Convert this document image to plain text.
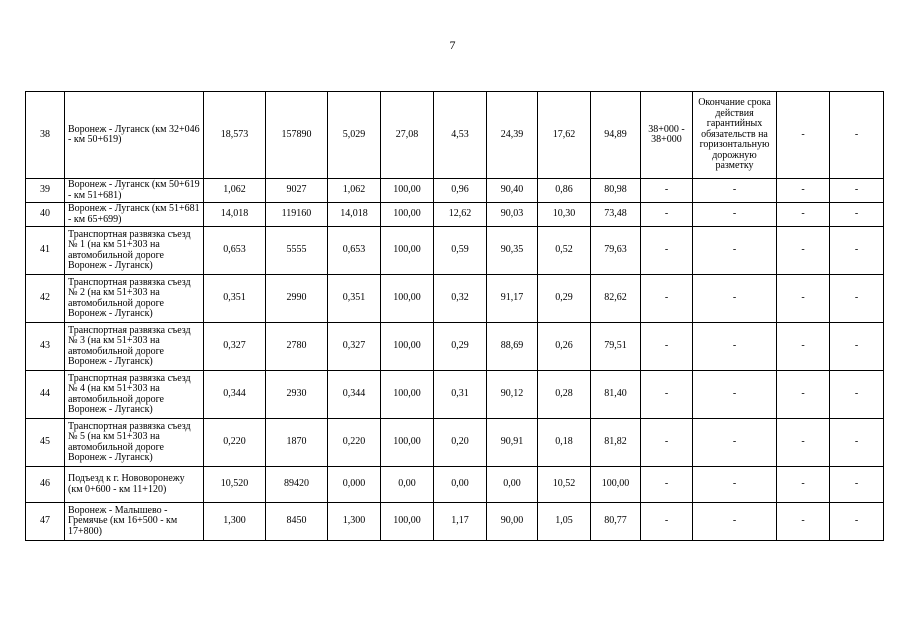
7
38	Воронеж - Луганск (км 32+046 - км 50+619)	18,573	157890	5,029	27,08	4,53	24,39	17,62	94,89	38+000 - 38+000	Окончание срока действия гарантийных обязательств на горизонтальную дорожную разметку	-	-
39	Воронеж - Луганск (км 50+619 - км 51+681)	1,062	9027	1,062	100,00	0,96	90,40	0,86	80,98	-	-	-	-
40	Воронеж - Луганск (км 51+681 - км 65+699)	14,018	119160	14,018	100,00	12,62	90,03	10,30	73,48	-	-	-	-
41	Транспортная развязка съезд № 1 (на км 51+303 на автомобильной дороге Воронеж - Луганск)	0,653	5555	0,653	100,00	0,59	90,35	0,52	79,63	-	-	-	-
42	Транспортная развязка съезд № 2 (на км 51+303 на автомобильной дороге Воронеж - Луганск)	0,351	2990	0,351	100,00	0,32	91,17	0,29	82,62	-	-	-	-
43	Транспортная развязка съезд № 3 (на км 51+303 на автомобильной дороге Воронеж - Луганск)	0,327	2780	0,327	100,00	0,29	88,69	0,26	79,51	-	-	-	-
44	Транспортная развязка съезд № 4 (на км 51+303 на автомобильной дороге Воронеж - Луганск)	0,344	2930	0,344	100,00	0,31	90,12	0,28	81,40	-	-	-	-
45	Транспортная развязка съезд № 5 (на км 51+303 на автомобильной дороге Воронеж - Луганск)	0,220	1870	0,220	100,00	0,20	90,91	0,18	81,82	-	-	-	-
46	Подъезд к г. Нововоронежу (км 0+600 - км 11+120)	10,520	89420	0,000	0,00	0,00	0,00	10,52	100,00	-	-	-	-
47	Воронеж - Малышево - Гремячье (км 16+500 - км 17+800)	1,300	8450	1,300	100,00	1,17	90,00	1,05	80,77	-	-	-	-
